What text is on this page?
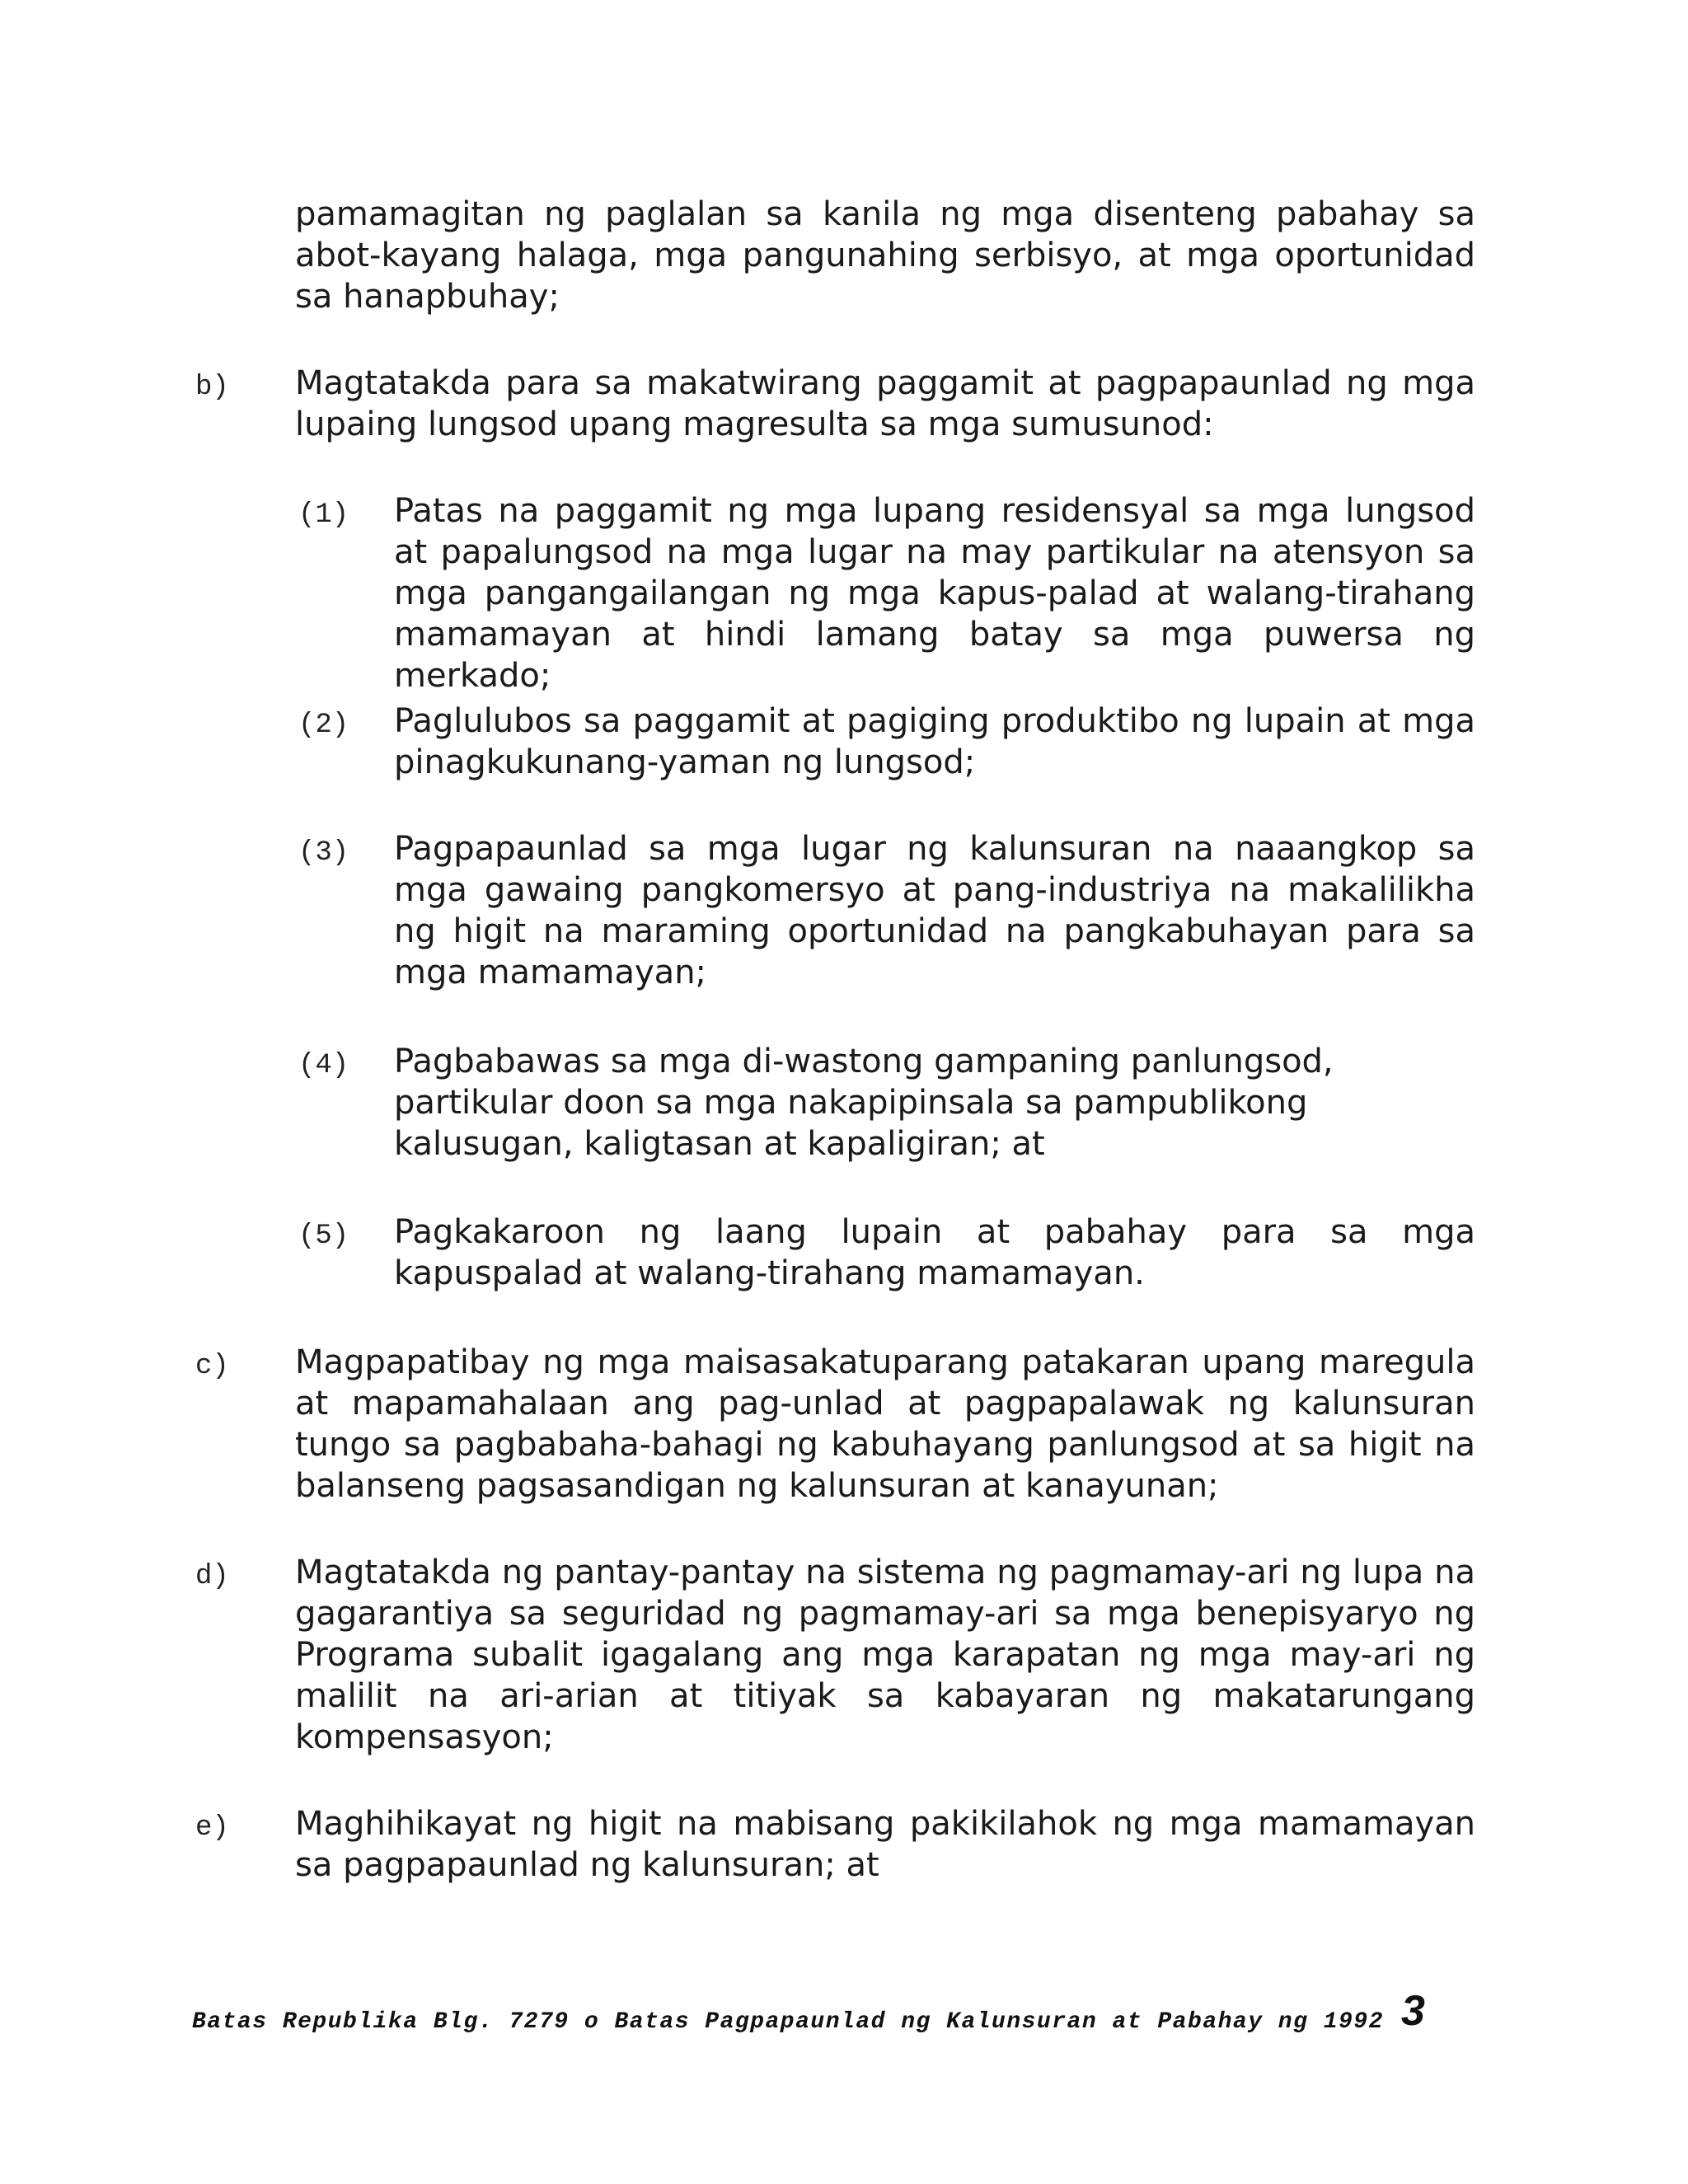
pamamagitan ng paglalan sa kanila ng mga disenteng pabahay sa abot-kayang halaga, mga pangunahing serbisyo, at mga oportunidad sa hanapbuhay;
b) Magtatakda para sa makatwirang paggamit at pagpapaunlad ng mga lupaing lungsod upang magresulta sa mga sumusunod:
(1) Patas na paggamit ng mga lupang residensyal sa mga lungsod at papalungsod na mga lugar na may partikular na atensyon sa mga pangangailangan ng mga kapus-palad at walang-tirahang mamamayan at hindi lamang batay sa mga puwersa ng merkado;
(2) Paglulubos sa paggamit at pagiging produktibo ng lupain at mga pinagkukunang-yaman ng lungsod;
(3) Pagpapaunlad sa mga lugar ng kalunsuran na naaangkop sa mga gawaing pangkomersyo at pang-industriya na makalilikha ng higit na maraming oportunidad na pangkabuhayan para sa mga mamamayan;
(4) Pagbabawas sa mga di-wastong gampaning panlungsod, partikular doon sa mga nakapipinsala sa pampublikong kalusugan, kaligtasan at kapaligiran; at
(5) Pagkakaroon ng laang lupain at pabahay para sa mga kapuspalad at walang-tirahang mamamayan.
c) Magpapatibay ng mga maisasakatuparang patakaran upang maregula at mapamahalaan ang pag-unlad at pagpapalawak ng kalunsuran tungo sa pagbabaha-bahagi ng kabuhayang panlungsod at sa higit na balanseng pagsasandigan ng kalunsuran at kanayunan;
d) Magtatakda ng pantay-pantay na sistema ng pagmamay-ari ng lupa na gagarantiya sa seguridad ng pagmamay-ari sa mga benepisyaryo ng Programa subalit igagalang ang mga karapatan ng mga may-ari ng malilit na ari-arian at titiyak sa kabayaran ng makatarungang kompensasyon;
e) Maghihikayat ng higit na mabisang pakikilahok ng mga mamamayan sa pagpapaunlad ng kalunsuran; at
Batas Republika Blg. 7279 o Batas Pagpapaunlad ng Kalunsuran at Pabahay ng 1992 3
